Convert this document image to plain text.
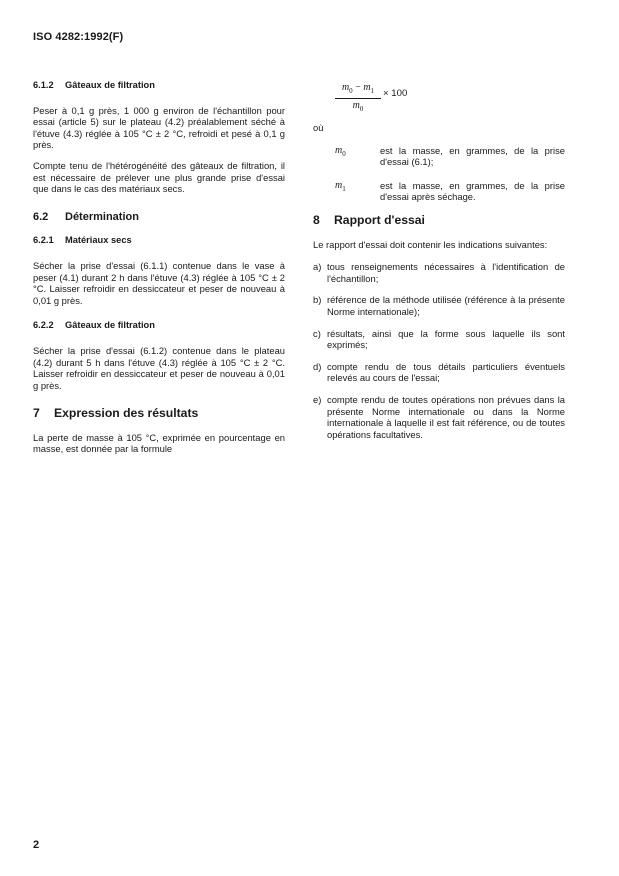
ISO 4282:1992(F)
6.1.2 Gâteaux de filtration
Peser à 0,1 g près, 1 000 g environ de l'échantillon pour essai (article 5) sur le plateau (4.2) préalablement séché à l'étuve (4.3) réglée à 105 °C ± 2 °C, refroidi et pesé à 0,1 g près.
Compte tenu de l'hétérogénéité des gâteaux de filtration, il est nécessaire de prélever une plus grande prise d'essai que dans le cas des matériaux secs.
6.2 Détermination
6.2.1 Matériaux secs
Sécher la prise d'essai (6.1.1) contenue dans le vase à peser (4.1) durant 2 h dans l'étuve (4.3) réglée à 105 °C ± 2 °C. Laisser refroidir en dessiccateur et peser de nouveau à 0,01 g près.
6.2.2 Gâteaux de filtration
Sécher la prise d'essai (6.1.2) contenue dans le plateau (4.2) durant 5 h dans l'étuve (4.3) réglée à 105 °C ± 2 °C. Laisser refroidir en dessiccateur et peser de nouveau à 0,01 g près.
7 Expression des résultats
La perte de masse à 105 °C, exprimée en pourcentage en masse, est donnée par la formule
$m_0 - m_1$
$m_0$
× 100
où
$m_0$	est la masse, en grammes, de la prise d'essai (6.1);
$m_1$	est la masse, en grammes, de la prise d'essai après séchage.
8 Rapport d'essai
Le rapport d'essai doit contenir les indications suivantes:
a) tous renseignements nécessaires à l'identification de l'échantillon;
b) référence de la méthode utilisée (référence à la présente Norme internationale);
c) résultats, ainsi que la forme sous laquelle ils sont exprimés;
d) compte rendu de tous détails particuliers éventuels relevés au cours de l'essai;
e) compte rendu de toutes opérations non prévues dans la présente Norme internationale ou dans la Norme internationale à laquelle il est fait référence, ou de toutes opérations facultatives.
2
